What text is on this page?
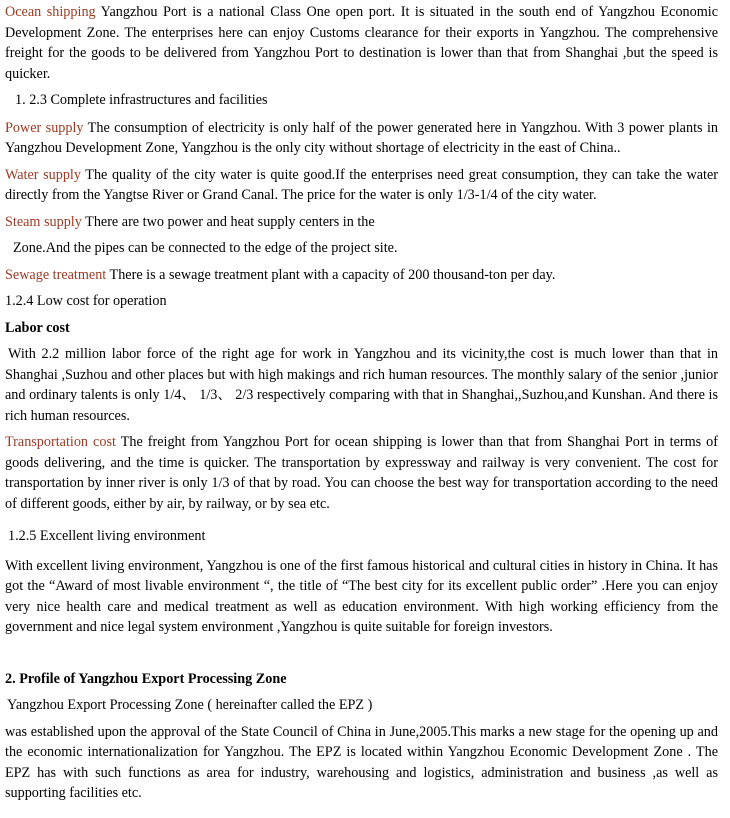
Ocean shipping Yangzhou Port is a national Class One open port. It is situated in the south end of Yangzhou Economic Development Zone. The enterprises here can enjoy Customs clearance for their exports in Yangzhou. The comprehensive freight for the goods to be delivered from Yangzhou Port to destination is lower than that from Shanghai ,but the speed is quicker.

1. 2.3 Complete infrastructures and facilities

Power supply The consumption of electricity is only half of the power generated here in Yangzhou. With 3 power plants in Yangzhou Development Zone, Yangzhou is the only city without shortage of electricity in the east of China..

Water supply The quality of the city water is quite good.If the enterprises need great consumption, they can take the water directly from the Yangtse River or Grand Canal. The price for the water is only 1/3-1/4 of the city water.

Steam supply There are two power and heat supply centers in the

Zone.And the pipes can be connected to the edge of the project site.

Sewage treatment There is a sewage treatment plant with a capacity of 200 thousand-ton per day.

1.2.4 Low cost for operation

Labor cost

With 2.2 million labor force of the right age for work in Yangzhou and its vicinity,the cost is much lower than that in Shanghai ,Suzhou and other places but with high makings and rich human resources. The monthly salary of the senior ,junior and ordinary talents is only 1/4、 1/3、 2/3 respectively comparing with that in Shanghai,,Suzhou,and Kunshan. And there is rich human resources.

Transportation cost The freight from Yangzhou Port for ocean shipping is lower than that from Shanghai Port in terms of goods delivering, and the time is quicker. The transportation by expressway and railway is very convenient. The cost for transportation by inner river is only 1/3 of that by road. You can choose the best way for transportation according to the need of different goods, either by air, by railway, or by sea etc.

1.2.5 Excellent living environment

With excellent living environment, Yangzhou is one of the first famous historical and cultural cities in history in China. It has got the “Award of most livable environment “, the title of “The best city for its excellent public order” .Here you can enjoy very nice health care and medical treatment as well as education environment. With high working efficiency from the government and nice legal system environment ,Yangzhou is quite suitable for foreign investors.

2. Profile of Yangzhou Export Processing Zone

Yangzhou Export Processing Zone ( hereinafter called the EPZ )

was established upon the approval of the State Council of China in June,2005.This marks a new stage for the opening up and the economic internationalization for Yangzhou. The EPZ is located within Yangzhou Economic Development Zone . The EPZ has with such functions as area for industry, warehousing and logistics, administration and business ,as well as supporting facilities etc.
